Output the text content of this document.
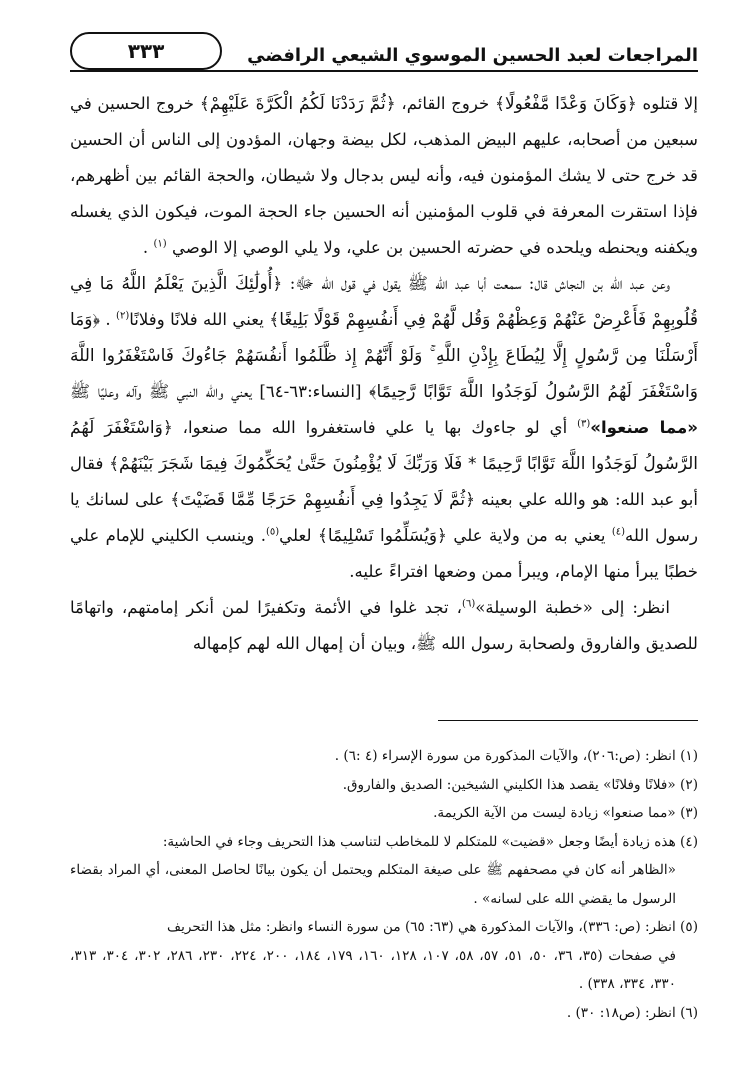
المراجعات لعبد الحسين الموسوي الشيعي الرافضي
٣٣٣

إلا قتلوه ﴿وَكَانَ وَعْدًا مَّفْعُولًا﴾ خروج القائم، ﴿ثُمَّ رَدَدْنَا لَكُمُ الْكَرَّةَ عَلَيْهِمْ﴾ خروج الحسين في سبعين من أصحابه، عليهم البيض المذهب، لكل بيضة وجهان، المؤدون إلى الناس أن الحسين قد خرج حتى لا يشك المؤمنون فيه، وأنه ليس بدجال ولا شيطان، والحجة القائم بين أظهرهم، فإذا استقرت المعرفة في قلوب المؤمنين أنه الحسين جاء الحجة الموت، فيكون الذي يغسله ويكفنه ويحنطه ويلحده في حضرته الحسين بن علي، ولا يلي الوصي إلا الوصي $^{(١)}$ .

وعن عبد الله بن النجاش قال: سمعت أبا عبد الله ﷺ يقول في قول الله ﷻ: ﴿أُولَٰئِكَ الَّذِينَ يَعْلَمُ اللَّهُ مَا فِي قُلُوبِهِمْ فَأَعْرِضْ عَنْهُمْ وَعِظْهُمْ وَقُل لَّهُمْ فِي أَنفُسِهِمْ قَوْلًا بَلِيغًا﴾ يعني الله فلانًا وفلانًا$^{(٢)}$ . ﴿وَمَا أَرْسَلْنَا مِن رَّسُولٍ إِلَّا لِيُطَاعَ بِإِذْنِ اللَّهِ ۚ وَلَوْ أَنَّهُمْ إِذ ظَّلَمُوا أَنفُسَهُمْ جَاءُوكَ فَاسْتَغْفَرُوا اللَّهَ وَاسْتَغْفَرَ لَهُمُ الرَّسُولُ لَوَجَدُوا اللَّهَ تَوَّابًا رَّحِيمًا﴾ [النساء:٦٣-٦٤] يعني والله النبي ﷺ وآله وعليًا ﷺ «مما صنعوا»$^{(٣)}$ أي لو جاءوك بها يا علي فاستغفروا الله مما صنعوا، ﴿وَاسْتَغْفَرَ لَهُمُ الرَّسُولُ لَوَجَدُوا اللَّهَ تَوَّابًا رَّحِيمًا * فَلَا وَرَبِّكَ لَا يُؤْمِنُونَ حَتَّىٰ يُحَكِّمُوكَ فِيمَا شَجَرَ بَيْنَهُمْ﴾ فقال أبو عبد الله: هو والله علي بعينه ﴿ثُمَّ لَا يَجِدُوا فِي أَنفُسِهِمْ حَرَجًا مِّمَّا قَضَيْتَ﴾ على لسانك يا رسول الله$^{(٤)}$ يعني به من ولاية علي ﴿وَيُسَلِّمُوا تَسْلِيمًا﴾ لعلي$^{(٥)}$. وينسب الكليني للإمام علي خطبًا يبرأ منها الإمام، ويبرأ ممن وضعها افتراءً عليه.

انظر: إلى «خطبة الوسيلة»$^{(٦)}$، تجد غلوا في الأئمة وتكفيرًا لمن أنكر إمامتهم، واتهامًا للصديق والفاروق ولصحابة رسول الله ﷺ، وبيان أن إمهال الله لهم كإمهاله

(١) انظر: (ص:٢٠٦)، والآيات المذكورة من سورة الإسراء (٤ :٦) .

(٢) «فلانًا وفلانًا» يقصد هذا الكليني الشيخين: الصديق والفاروق.

(٣) «مما صنعوا» زيادة ليست من الآية الكريمة.

(٤) هذه زيادة أيضًا وجعل «قضيت» للمتكلم لا للمخاطب لتناسب هذا التحريف وجاء في الحاشية:

«الظاهر أنه كان في مصحفهم ﷺ على صيغة المتكلم ويحتمل أن يكون بيانًا لحاصل المعنى، أي المراد بقضاء الرسول ما يقضي الله على لسانه» .

(٥) انظر: (ص: ٣٣٦)، والآيات المذكورة هي (٦٣: ٦٥) من سورة النساء وانظر: مثل هذا التحريف

في صفحات (٣٥، ٣٦، ٥٠، ٥١، ٥٧، ٥٨، ١٠٧، ١٢٨، ١٦٠، ١٧٩، ١٨٤، ٢٠٠، ٢٢٤، ٢٣٠، ٢٨٦، ٣٠٢، ٣٠٤، ٣١٣، ٣٣٠، ٣٣٤، ٣٣٨) .

(٦) انظر: (ص١٨: ٣٠) .
